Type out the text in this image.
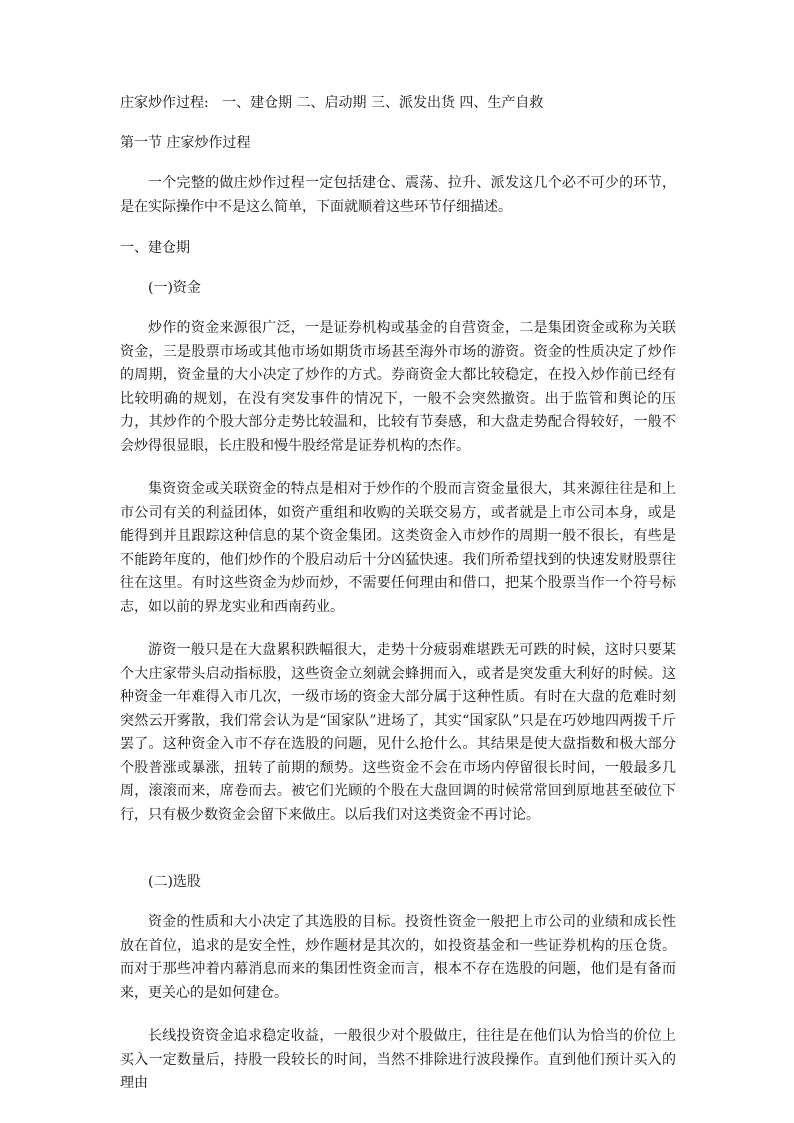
庄家炒作过程: 一、建仓期 二、启动期 三、派发出货 四、生产自救

第一节 庄家炒作过程

一个完整的做庄炒作过程一定包括建仓、震荡、拉升、派发这几个必不可少的环节，是在实际操作中不是这么简单，下面就顺着这些环节仔细描述。

一、建仓期

(一)资金

炒作的资金来源很广泛，一是证券机构或基金的自营资金，二是集团资金或称为关联资金，三是股票市场或其他市场如期货市场甚至海外市场的游资。资金的性质决定了炒作的周期，资金量的大小决定了炒作的方式。券商资金大都比较稳定，在投入炒作前已经有比较明确的规划，在没有突发事件的情况下，一般不会突然撤资。出于监管和舆论的压力，其炒作的个股大部分走势比较温和，比较有节奏感，和大盘走势配合得较好，一般不会炒得很显眼，长庄股和慢牛股经常是证券机构的杰作。

集资资金或关联资金的特点是相对于炒作的个股而言资金量很大，其来源往往是和上市公司有关的利益团体，如资产重组和收购的关联交易方，或者就是上市公司本身，或是能得到并且跟踪这种信息的某个资金集团。这类资金入市炒作的周期一般不很长，有些是不能跨年度的，他们炒作的个股启动后十分凶猛快速。我们所希望找到的快速发财股票往往在这里。有时这些资金为炒而炒，不需要任何理由和借口，把某个股票当作一个符号标志，如以前的界龙实业和西南药业。

游资一般只是在大盘累积跌幅很大，走势十分疲弱难堪跌无可跌的时候，这时只要某个大庄家带头启动指标股，这些资金立刻就会蜂拥而入，或者是突发重大利好的时候。这种资金一年难得入市几次，一级市场的资金大部分属于这种性质。有时在大盘的危难时刻突然云开雾散，我们常会认为是“国家队”进场了，其实“国家队”只是在巧妙地四两拨千斤罢了。这种资金入市不存在选股的问题，见什么抢什么。其结果是使大盘指数和极大部分个股普涨或暴涨，扭转了前期的颓势。这些资金不会在市场内停留很长时间，一般最多几周，滚滚而来，席卷而去。被它们光顾的个股在大盘回调的时候常常回到原地甚至破位下行，只有极少数资金会留下来做庄。以后我们对这类资金不再讨论。

(二)选股

资金的性质和大小决定了其选股的目标。投资性资金一般把上市公司的业绩和成长性放在首位，追求的是安全性，炒作题材是其次的，如投资基金和一些证券机构的压仓货。而对于那些冲着内幕消息而来的集团性资金而言，根本不存在选股的问题，他们是有备而来，更关心的是如何建仓。

长线投资资金追求稳定收益，一般很少对个股做庄，往往是在他们认为恰当的价位上买入一定数量后，持股一段较长的时间，当然不排除进行波段操作。直到他们预计买入的理由
